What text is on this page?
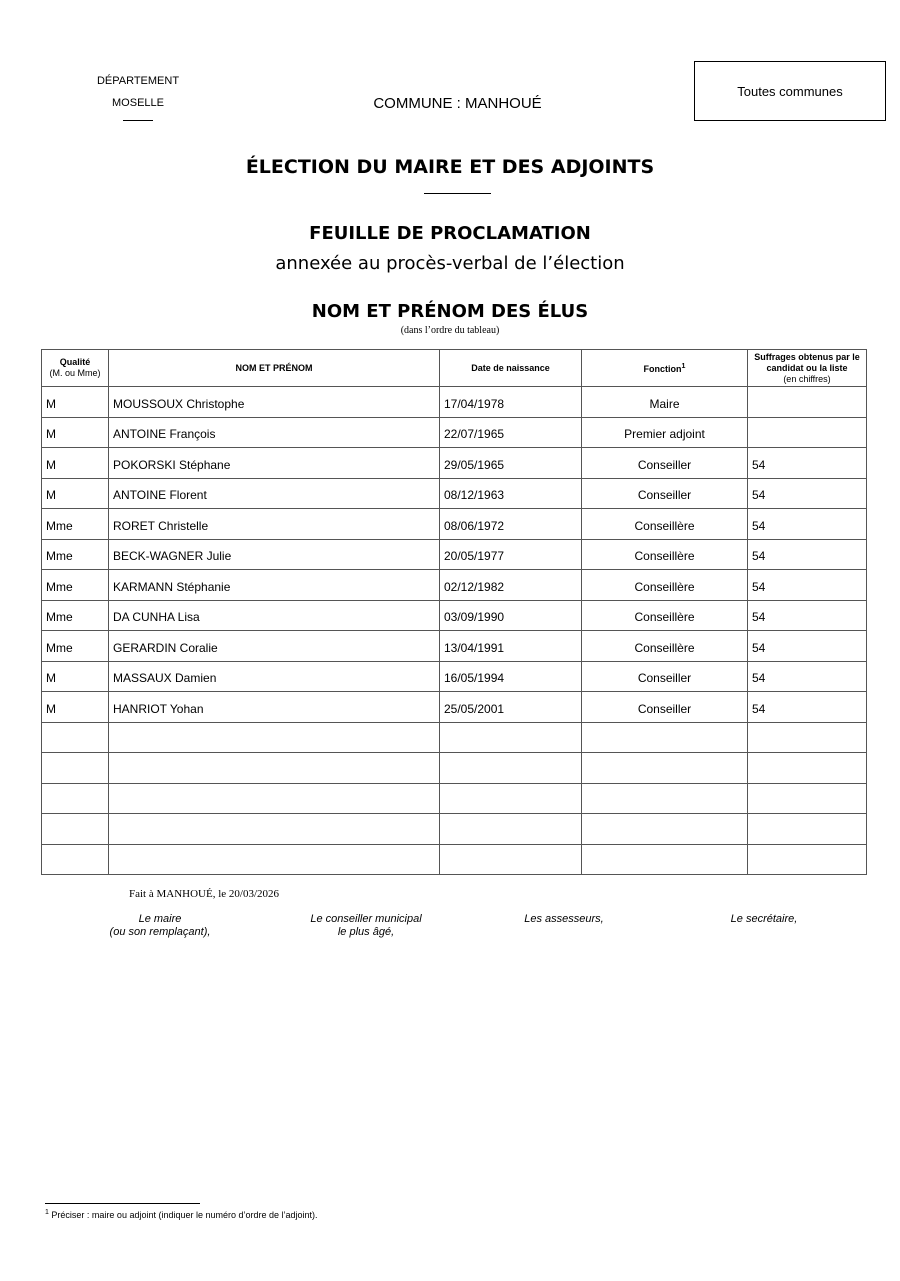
DÉPARTEMENT
MOSELLE	COMMUNE : MANHOUÉ
Toutes communes
ÉLECTION DU MAIRE ET DES ADJOINTS
FEUILLE DE PROCLAMATION
annexée au procès-verbal de l’élection
NOM ET PRÉNOM DES ÉLUS
(dans l’ordre du tableau)
Qualité
(M. ou Mme)	NOM ET PRÉNOM	Date de naissance	Fonction$^1$	Suffrages obtenus par le candidat ou la liste
(en chiffres)
M	MOUSSOUX Christophe	17/04/1978	Maire	
M	ANTOINE François	22/07/1965	Premier adjoint	
M	POKORSKI Stéphane	29/05/1965	Conseiller	54
M	ANTOINE Florent	08/12/1963	Conseiller	54
Mme	RORET Christelle	08/06/1972	Conseillère	54
Mme	BECK-WAGNER Julie	20/05/1977	Conseillère	54
Mme	KARMANN Stéphanie	02/12/1982	Conseillère	54
Mme	DA CUNHA Lisa	03/09/1990	Conseillère	54
Mme	GERARDIN Coralie	13/04/1991	Conseillère	54
M	MASSAUX Damien	16/05/1994	Conseiller	54
M	HANRIOT Yohan	25/05/2001	Conseiller	54

Fait à MANHOUÉ, le 20/03/2026
Le maire
(ou son remplaçant),
Le conseiller municipal
le plus âgé,
Les assesseurs,	Le secrétaire,
$^1$ Préciser : maire ou adjoint (indiquer le numéro d’ordre de l’adjoint).
